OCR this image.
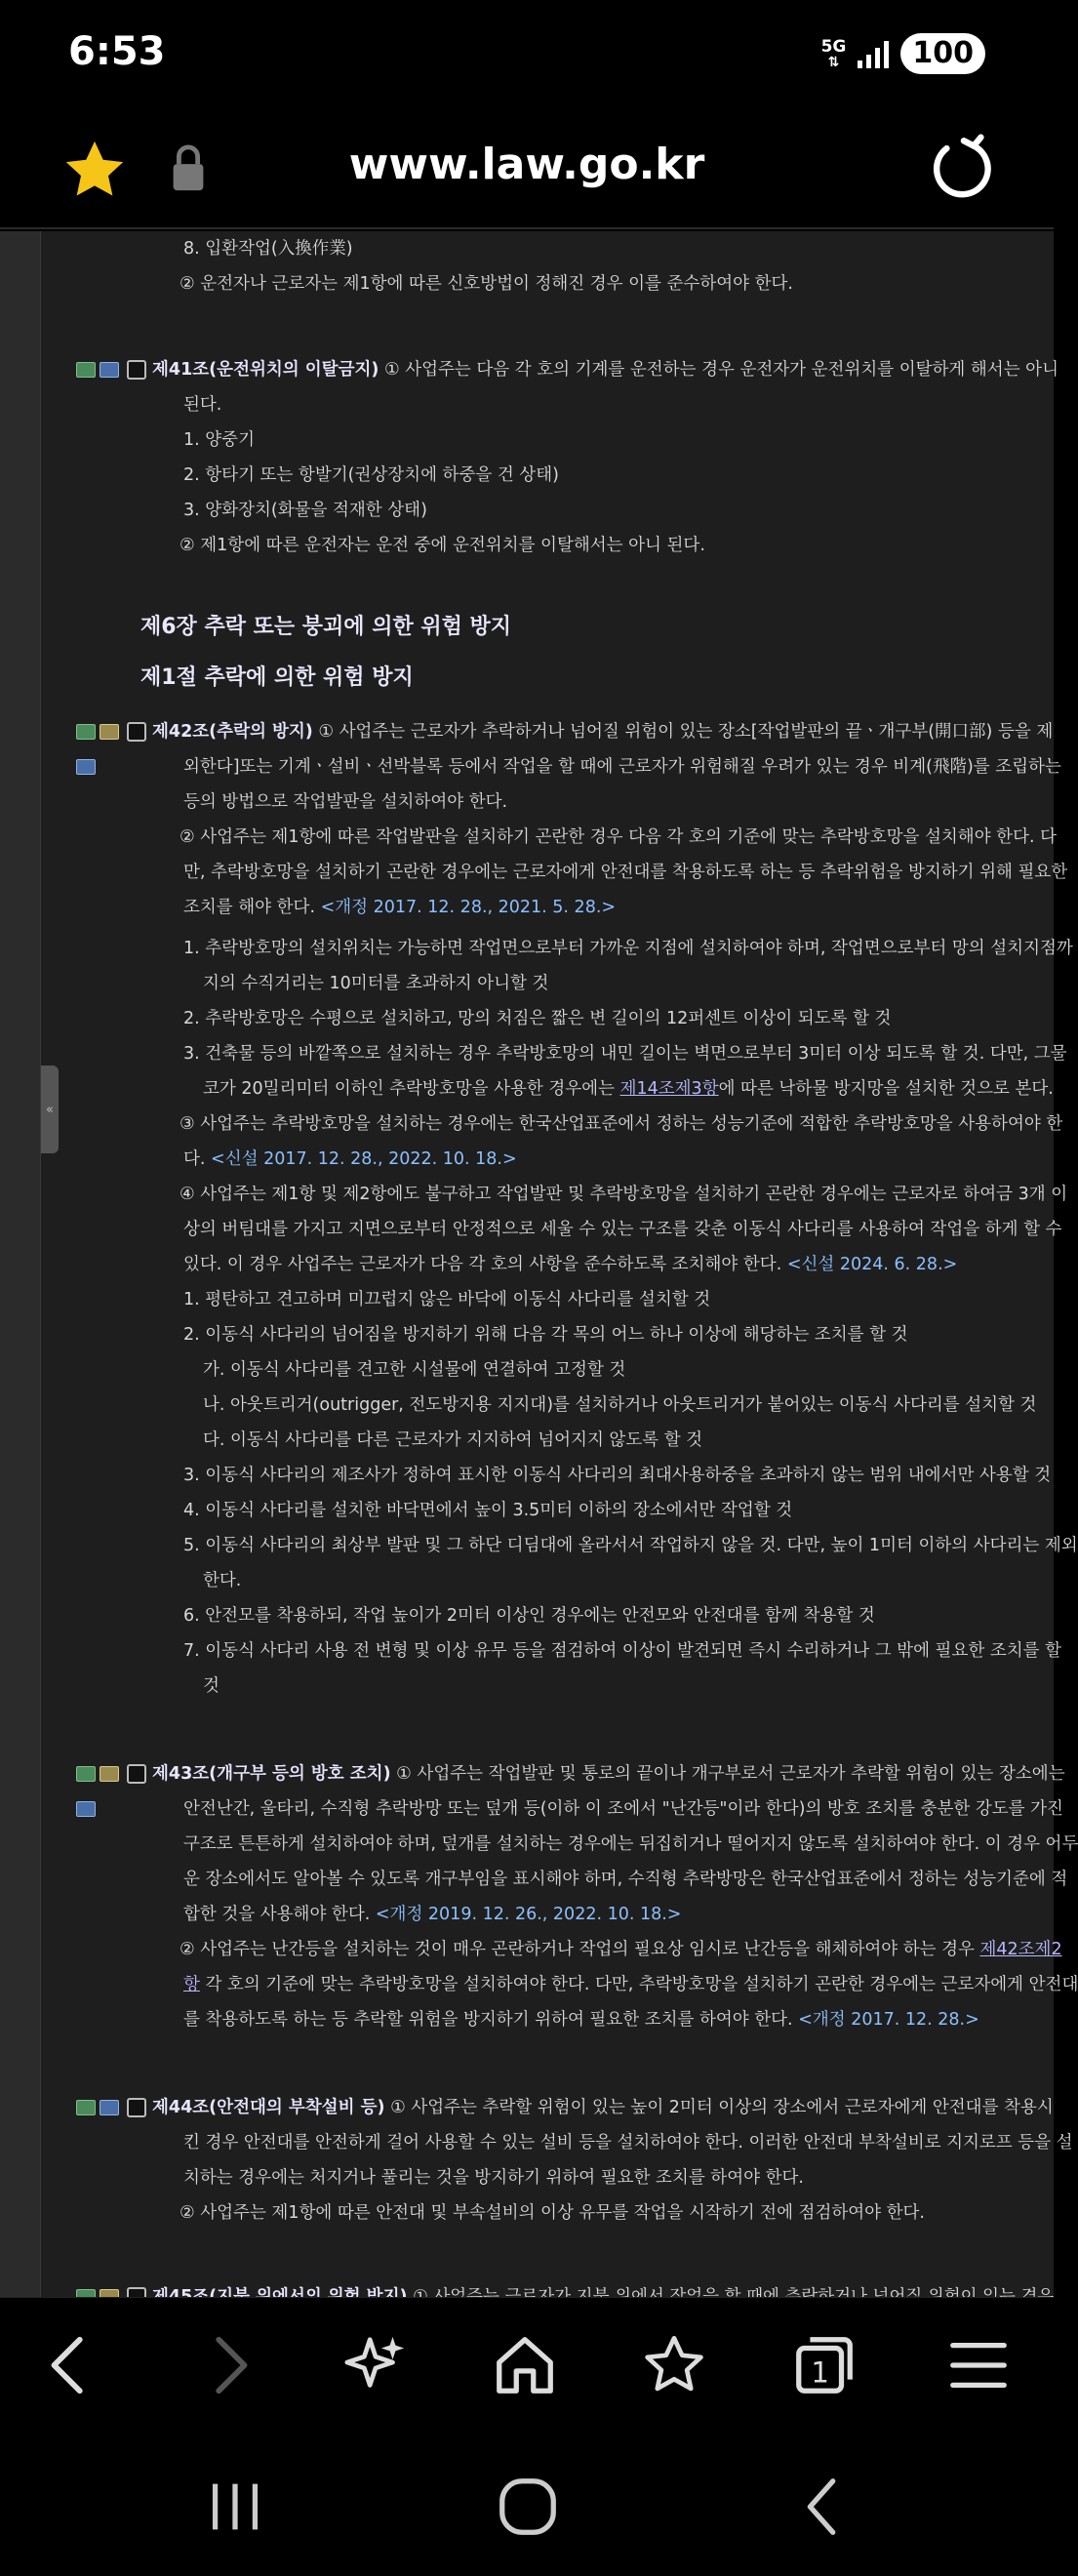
6:53	5G
⇅	100
www.law.go.kr
«
8. 입환작업(入換作業)
② 운전자나 근로자는 제1항에 따른 신호방법이 정해진 경우 이를 준수하여야 한다.
제41조(운전위치의 이탈금지) ① 사업주는 다음 각 호의 기계를 운전하는 경우 운전자가 운전위치를 이탈하게 해서는 아니
된다.
1. 양중기
2. 항타기 또는 항발기(권상장치에 하중을 건 상태)
3. 양화장치(화물을 적재한 상태)
② 제1항에 따른 운전자는 운전 중에 운전위치를 이탈해서는 아니 된다.
제6장 추락 또는 붕괴에 의한 위험 방지
제1절 추락에 의한 위험 방지
제42조(추락의 방지) ① 사업주는 근로자가 추락하거나 넘어질 위험이 있는 장소[작업발판의 끝ㆍ개구부(開口部) 등을 제
외한다]또는 기계ㆍ설비ㆍ선박블록 등에서 작업을 할 때에 근로자가 위험해질 우려가 있는 경우 비계(飛階)를 조립하는
등의 방법으로 작업발판을 설치하여야 한다.
② 사업주는 제1항에 따른 작업발판을 설치하기 곤란한 경우 다음 각 호의 기준에 맞는 추락방호망을 설치해야 한다. 다
만, 추락방호망을 설치하기 곤란한 경우에는 근로자에게 안전대를 착용하도록 하는 등 추락위험을 방지하기 위해 필요한
조치를 해야 한다. <개정 2017. 12. 28., 2021. 5. 28.>
1. 추락방호망의 설치위치는 가능하면 작업면으로부터 가까운 지점에 설치하여야 하며, 작업면으로부터 망의 설치지점까
지의 수직거리는 10미터를 초과하지 아니할 것
2. 추락방호망은 수평으로 설치하고, 망의 처짐은 짧은 변 길이의 12퍼센트 이상이 되도록 할 것
3. 건축물 등의 바깥쪽으로 설치하는 경우 추락방호망의 내민 길이는 벽면으로부터 3미터 이상 되도록 할 것. 다만, 그물
코가 20밀리미터 이하인 추락방호망을 사용한 경우에는 제14조제3항에 따른 낙하물 방지망을 설치한 것으로 본다.
③ 사업주는 추락방호망을 설치하는 경우에는 한국산업표준에서 정하는 성능기준에 적합한 추락방호망을 사용하여야 한
다. <신설 2017. 12. 28., 2022. 10. 18.>
④ 사업주는 제1항 및 제2항에도 불구하고 작업발판 및 추락방호망을 설치하기 곤란한 경우에는 근로자로 하여금 3개 이
상의 버팀대를 가지고 지면으로부터 안정적으로 세울 수 있는 구조를 갖춘 이동식 사다리를 사용하여 작업을 하게 할 수
있다. 이 경우 사업주는 근로자가 다음 각 호의 사항을 준수하도록 조치해야 한다. <신설 2024. 6. 28.>
1. 평탄하고 견고하며 미끄럽지 않은 바닥에 이동식 사다리를 설치할 것
2. 이동식 사다리의 넘어짐을 방지하기 위해 다음 각 목의 어느 하나 이상에 해당하는 조치를 할 것
가. 이동식 사다리를 견고한 시설물에 연결하여 고정할 것
나. 아웃트리거(outrigger, 전도방지용 지지대)를 설치하거나 아웃트리거가 붙어있는 이동식 사다리를 설치할 것
다. 이동식 사다리를 다른 근로자가 지지하여 넘어지지 않도록 할 것
3. 이동식 사다리의 제조사가 정하여 표시한 이동식 사다리의 최대사용하중을 초과하지 않는 범위 내에서만 사용할 것
4. 이동식 사다리를 설치한 바닥면에서 높이 3.5미터 이하의 장소에서만 작업할 것
5. 이동식 사다리의 최상부 발판 및 그 하단 디딤대에 올라서서 작업하지 않을 것. 다만, 높이 1미터 이하의 사다리는 제외
한다.
6. 안전모를 착용하되, 작업 높이가 2미터 이상인 경우에는 안전모와 안전대를 함께 착용할 것
7. 이동식 사다리 사용 전 변형 및 이상 유무 등을 점검하여 이상이 발견되면 즉시 수리하거나 그 밖에 필요한 조치를 할
것
제43조(개구부 등의 방호 조치) ① 사업주는 작업발판 및 통로의 끝이나 개구부로서 근로자가 추락할 위험이 있는 장소에는
안전난간, 울타리, 수직형 추락방망 또는 덮개 등(이하 이 조에서 "난간등"이라 한다)의 방호 조치를 충분한 강도를 가진
구조로 튼튼하게 설치하여야 하며, 덮개를 설치하는 경우에는 뒤집히거나 떨어지지 않도록 설치하여야 한다. 이 경우 어두
운 장소에서도 알아볼 수 있도록 개구부임을 표시해야 하며, 수직형 추락방망은 한국산업표준에서 정하는 성능기준에 적
합한 것을 사용해야 한다. <개정 2019. 12. 26., 2022. 10. 18.>
② 사업주는 난간등을 설치하는 것이 매우 곤란하거나 작업의 필요상 임시로 난간등을 해체하여야 하는 경우 제42조제2
항 각 호의 기준에 맞는 추락방호망을 설치하여야 한다. 다만, 추락방호망을 설치하기 곤란한 경우에는 근로자에게 안전대
를 착용하도록 하는 등 추락할 위험을 방지하기 위하여 필요한 조치를 하여야 한다. <개정 2017. 12. 28.>
제44조(안전대의 부착설비 등) ① 사업주는 추락할 위험이 있는 높이 2미터 이상의 장소에서 근로자에게 안전대를 착용시
킨 경우 안전대를 안전하게 걸어 사용할 수 있는 설비 등을 설치하여야 한다. 이러한 안전대 부착설비로 지지로프 등을 설
치하는 경우에는 처지거나 풀리는 것을 방지하기 위하여 필요한 조치를 하여야 한다.
② 사업주는 제1항에 따른 안전대 및 부속설비의 이상 유무를 작업을 시작하기 전에 점검하여야 한다.
1
